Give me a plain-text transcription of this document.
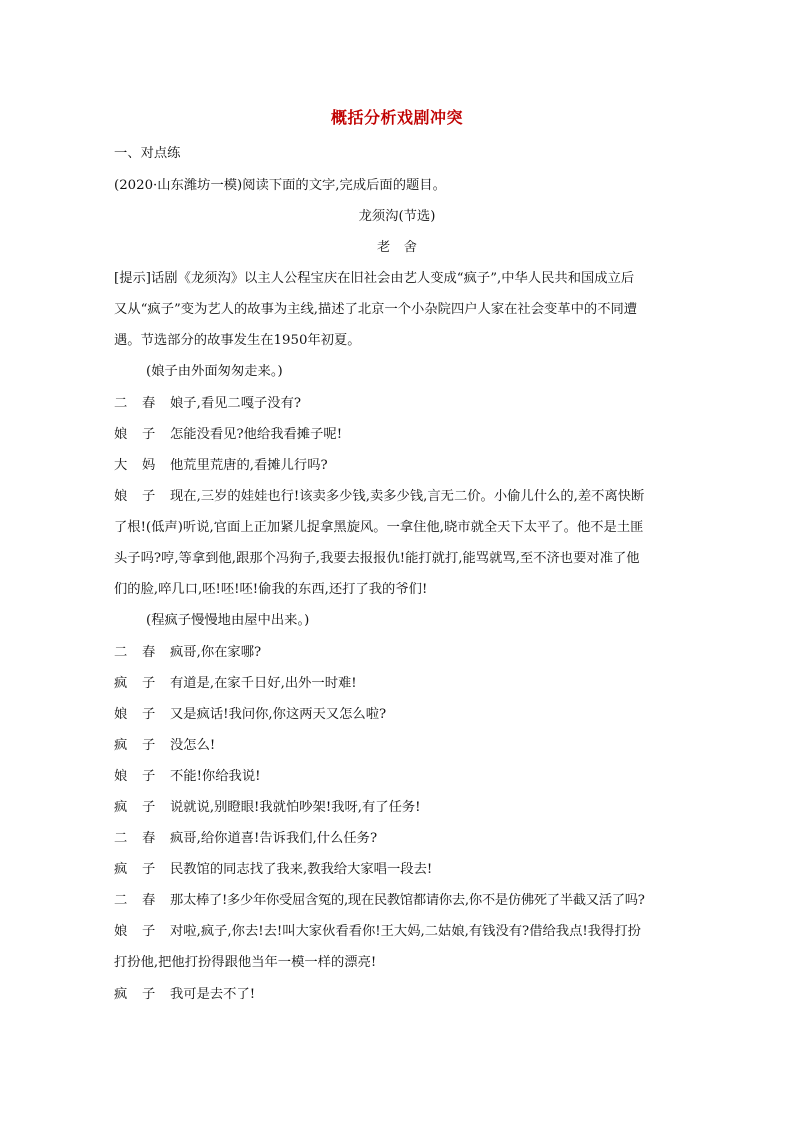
概括分析戏剧冲突
一、对点练
(2020·山东潍坊一模)阅读下面的文字,完成后面的题目。
龙须沟(节选)
老　舍
[提示]话剧《龙须沟》以主人公程宝庆在旧社会由艺人变成“疯子”,中华人民共和国成立后
又从“疯子”变为艺人的故事为主线,描述了北京一个小杂院四户人家在社会变革中的不同遭
遇。节选部分的故事发生在1950年初夏。
(娘子由外面匆匆走来。)
二 春 娘子,看见二嘎子没有?
娘 子 怎能没看见?他给我看摊子呢!
大 妈 他荒里荒唐的,看摊儿行吗?
娘 子 现在,三岁的娃娃也行!该卖多少钱,卖多少钱,言无二价。小偷儿什么的,差不离快断
了根!(低声)听说,官面上正加紧儿捉拿黑旋风。一拿住他,晓市就全天下太平了。他不是土匪
头子吗?哼,等拿到他,跟那个冯狗子,我要去报报仇!能打就打,能骂就骂,至不济也要对准了他
们的脸,啐几口,呸!呸!呸!偷我的东西,还打了我的爷们!
(程疯子慢慢地由屋中出来。)
二 春 疯哥,你在家哪?
疯 子 有道是,在家千日好,出外一时难!
娘 子 又是疯话!我问你,你这两天又怎么啦?
疯 子 没怎么!
娘 子 不能!你给我说!
疯 子 说就说,别瞪眼!我就怕吵架!我呀,有了任务!
二 春 疯哥,给你道喜!告诉我们,什么任务?
疯 子 民教馆的同志找了我来,教我给大家唱一段去!
二 春 那太棒了!多少年你受屈含冤的,现在民教馆都请你去,你不是仿佛死了半截又活了吗?
娘 子 对啦,疯子,你去!去!叫大家伙看看你!王大妈,二姑娘,有钱没有?借给我点!我得打扮
打扮他,把他打扮得跟他当年一模一样的漂亮!
疯 子 我可是去不了!
